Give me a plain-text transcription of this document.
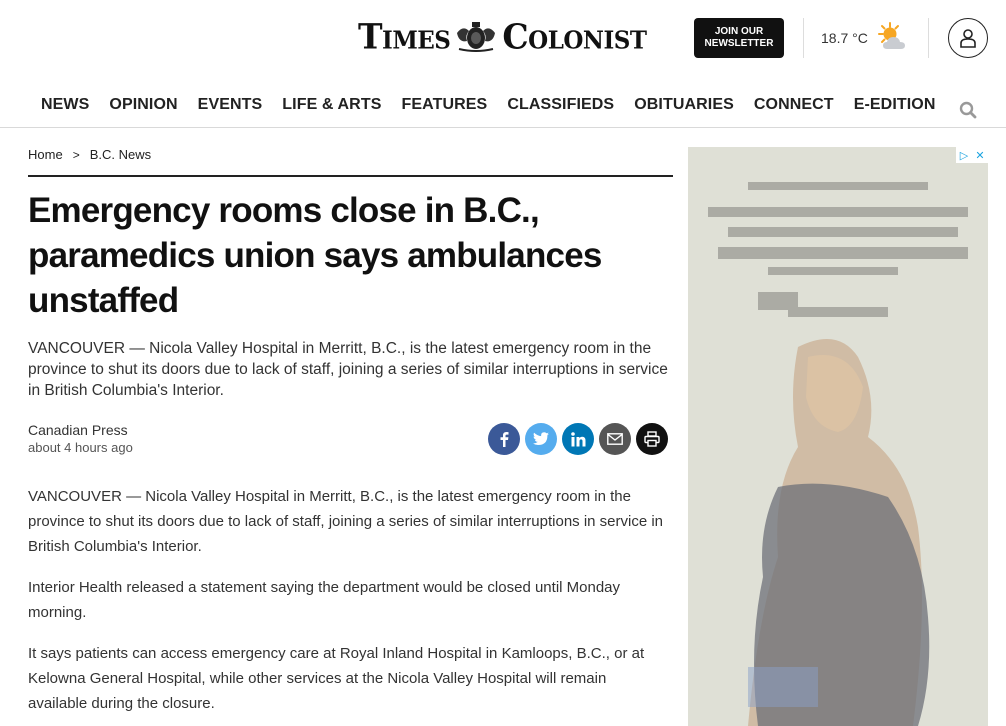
Times Colonist	JOIN OUR
NEWSLETTER	18.7 °C
NEWS	OPINION	EVENTS	LIFE & ARTS	FEATURES	CLASSIFIEDS	OBITUARIES	CONNECT	E-EDITION
Home > B.C. News
Emergency rooms close in B.C., paramedics union says ambulances unstaffed

VANCOUVER — Nicola Valley Hospital in Merritt, B.C., is the latest emergency room in the province to shut its doors due to lack of staff, joining a series of similar interruptions in service in British Columbia's Interior.

Canadian Press
about 4 hours ago

VANCOUVER — Nicola Valley Hospital in Merritt, B.C., is the latest emergency room in the province to shut its doors due to lack of staff, joining a series of similar interruptions in service in British Columbia's Interior.

Interior Health released a statement saying the department would be closed until Monday morning.

It says patients can access emergency care at Royal Inland Hospital in Kamloops, B.C., or at Kelowna General Hospital, while other services at the Nicola Valley Hospital will remain available during the closure.

▷ ✕
